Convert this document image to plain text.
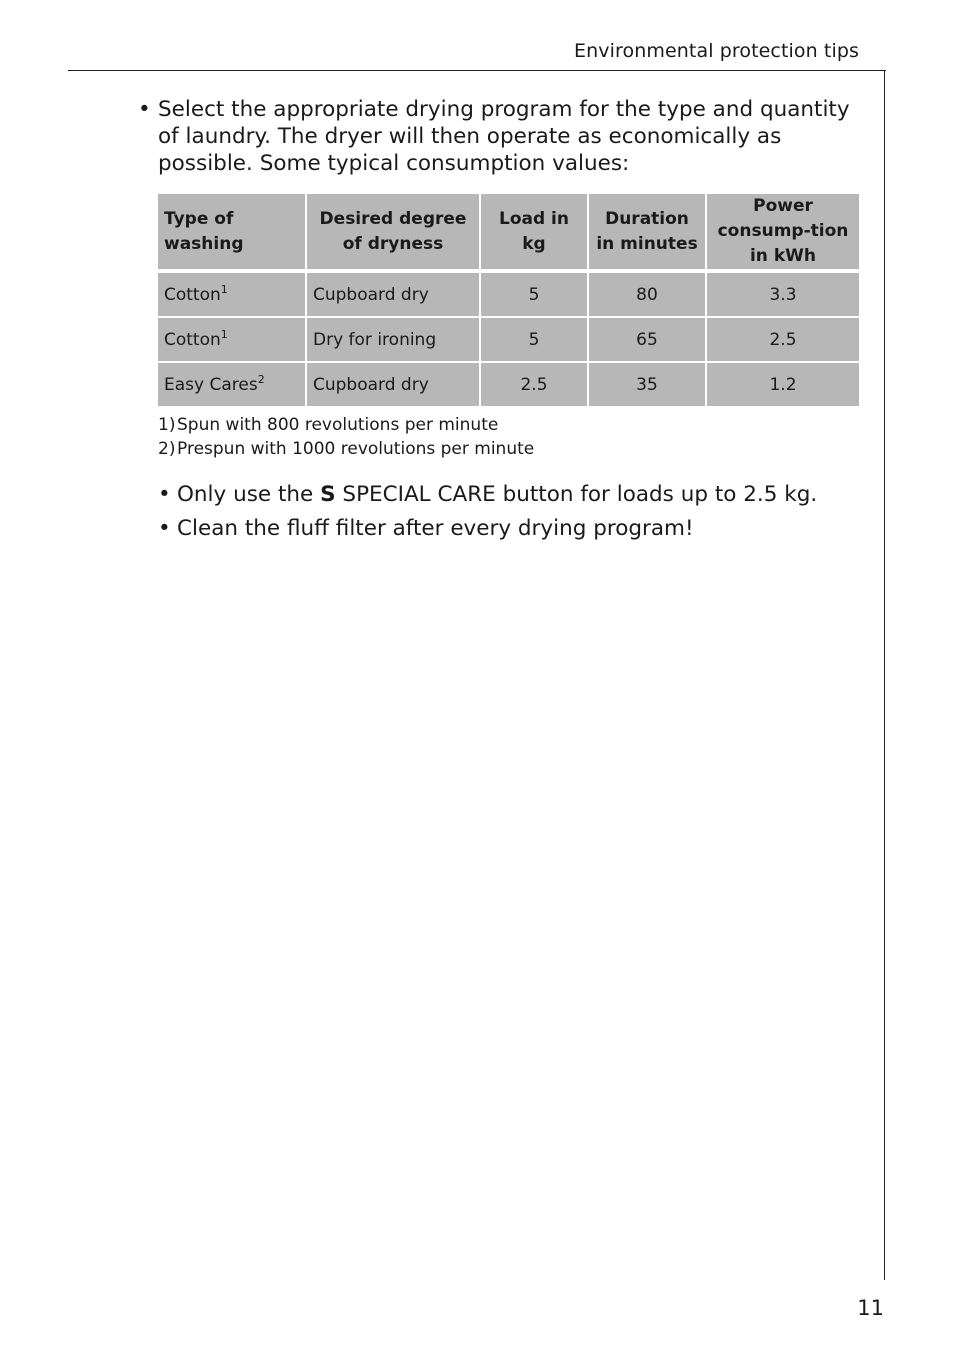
Environmental protection tips
• Select the appropriate drying program for the type and quantity of laundry. The dryer will then operate as economically as possible. Some typical consumption values:
Type of washing	Desired degree of dryness	Load in kg	Duration in minutes	Power consump-tion in kWh

Cotton$^1$	Cupboard dry	5	80	3.3
Cotton$^1$	Dry for ironing	5	65	2.5
Easy Cares$^2$	Cupboard dry	2.5	35	1.2
1) Spun with 800 revolutions per minute
2) Prespun with 1000 revolutions per minute
• Only use the S SPECIAL CARE button for loads up to 2.5 kg.
• Clean the fluff filter after every drying program!
11
